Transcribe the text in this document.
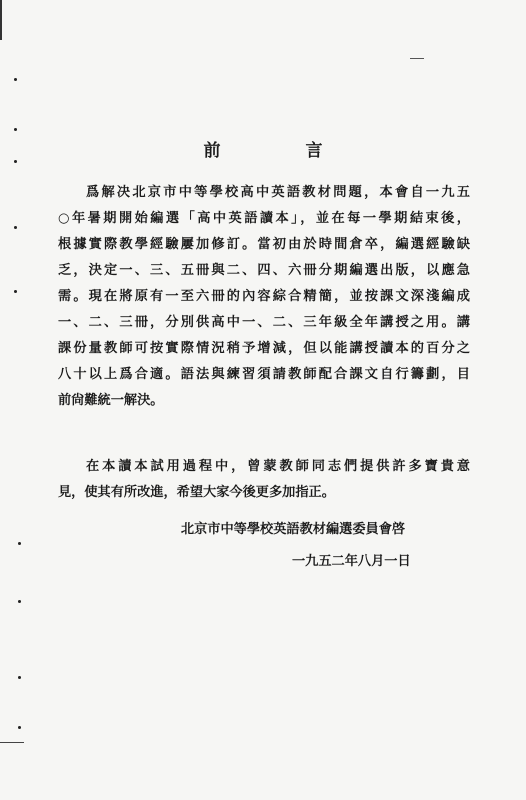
前　言
爲解决北京市中等學校高中英語教材問題，本會自一九五
○年暑期開始編選「高中英語讀本」，並在每一學期結束後，
根據實際教學經驗屢加修訂。當初由於時間倉卒，編選經驗缺
乏，決定一、三、五冊與二、四、六冊分期編選出版，以應急
需。現在將原有一至六冊的內容綜合精簡，並按課文深淺編成
一、二、三冊，分別供高中一、二、三年級全年講授之用。講
課份量教師可按實際情況稍予增減，但以能講授讀本的百分之
八十以上爲合適。語法與練習須請教師配合課文自行籌劃，目
前尙難統一解決。
在本讀本試用過程中，曾蒙教師同志們提供許多寶貴意
見，使其有所改進，希望大家今後更多加指正。
北京市中等學校英語教材編選委員會啓
一九五二年八月一日
